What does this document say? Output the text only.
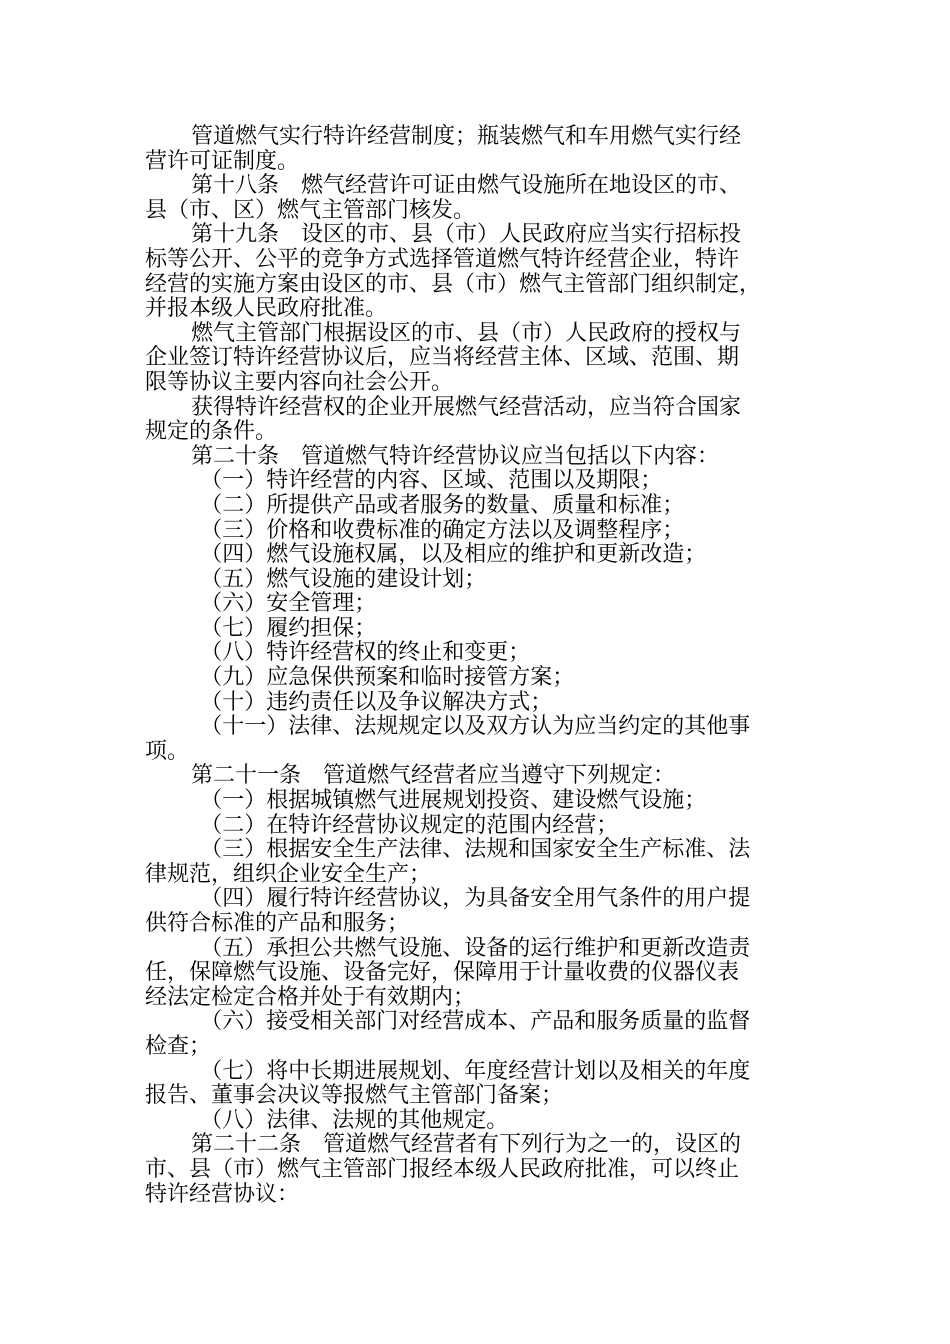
管道燃气实行特许经营制度；瓶装燃气和车用燃气实行经
营许可证制度。
第十八条　燃气经营许可证由燃气设施所在地设区的市、
县（市、区）燃气主管部门核发。
第十九条　设区的市、县（市）人民政府应当实行招标投
标等公开、公平的竞争方式选择管道燃气特许经营企业，特许
经营的实施方案由设区的市、县（市）燃气主管部门组织制定，
并报本级人民政府批准。
燃气主管部门根据设区的市、县（市）人民政府的授权与
企业签订特许经营协议后，应当将经营主体、区域、范围、期
限等协议主要内容向社会公开。
获得特许经营权的企业开展燃气经营活动，应当符合国家
规定的条件。
第二十条　管道燃气特许经营协议应当包括以下内容：
（一）特许经营的内容、区域、范围以及期限；
（二）所提供产品或者服务的数量、质量和标准；
（三）价格和收费标准的确定方法以及调整程序；
（四）燃气设施权属，以及相应的维护和更新改造；
（五）燃气设施的建设计划；
（六）安全管理；
（七）履约担保；
（八）特许经营权的终止和变更；
（九）应急保供预案和临时接管方案；
（十）违约责任以及争议解决方式；
（十一）法律、法规规定以及双方认为应当约定的其他事
项。
第二十一条　管道燃气经营者应当遵守下列规定：
（一）根据城镇燃气进展规划投资、建设燃气设施；
（二）在特许经营协议规定的范围内经营；
（三）根据安全生产法律、法规和国家安全生产标准、法
律规范，组织企业安全生产；
（四）履行特许经营协议，为具备安全用气条件的用户提
供符合标准的产品和服务；
（五）承担公共燃气设施、设备的运行维护和更新改造责
任，保障燃气设施、设备完好，保障用于计量收费的仪器仪表
经法定检定合格并处于有效期内；
（六）接受相关部门对经营成本、产品和服务质量的监督
检查；
（七）将中长期进展规划、年度经营计划以及相关的年度
报告、董事会决议等报燃气主管部门备案；
（八）法律、法规的其他规定。
第二十二条　管道燃气经营者有下列行为之一的，设区的
市、县（市）燃气主管部门报经本级人民政府批准，可以终止
特许经营协议：
